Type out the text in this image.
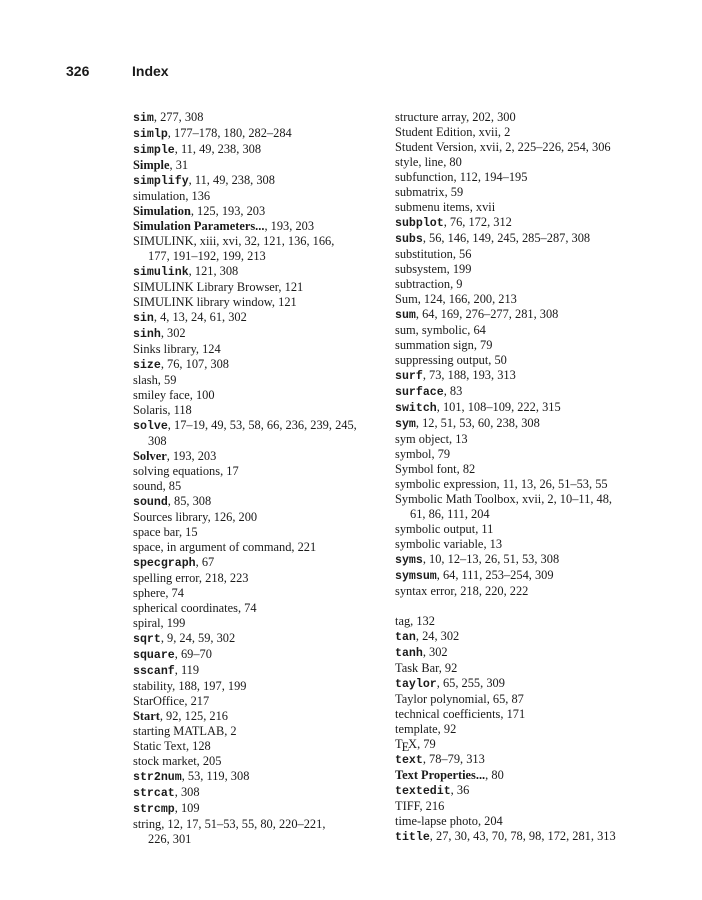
326	Index
sim, 277, 308
simlp, 177–178, 180, 282–284
simple, 11, 49, 238, 308
Simple, 31
simplify, 11, 49, 238, 308
simulation, 136
Simulation, 125, 193, 203
Simulation Parameters..., 193, 203
SIMULINK, xiii, xvi, 32, 121, 136, 166,
177, 191–192, 199, 213
simulink, 121, 308
SIMULINK Library Browser, 121
SIMULINK library window, 121
sin, 4, 13, 24, 61, 302
sinh, 302
Sinks library, 124
size, 76, 107, 308
slash, 59
smiley face, 100
Solaris, 118
solve, 17–19, 49, 53, 58, 66, 236, 239, 245,
308
Solver, 193, 203
solving equations, 17
sound, 85
sound, 85, 308
Sources library, 126, 200
space bar, 15
space, in argument of command, 221
specgraph, 67
spelling error, 218, 223
sphere, 74
spherical coordinates, 74
spiral, 199
sqrt, 9, 24, 59, 302
square, 69–70
sscanf, 119
stability, 188, 197, 199
StarOffice, 217
Start, 92, 125, 216
starting MATLAB, 2
Static Text, 128
stock market, 205
str2num, 53, 119, 308
strcat, 308
strcmp, 109
string, 12, 17, 51–53, 55, 80, 220–221,
226, 301
structure array, 202, 300
Student Edition, xvii, 2
Student Version, xvii, 2, 225–226, 254, 306
style, line, 80
subfunction, 112, 194–195
submatrix, 59
submenu items, xvii
subplot, 76, 172, 312
subs, 56, 146, 149, 245, 285–287, 308
substitution, 56
subsystem, 199
subtraction, 9
Sum, 124, 166, 200, 213
sum, 64, 169, 276–277, 281, 308
sum, symbolic, 64
summation sign, 79
suppressing output, 50
surf, 73, 188, 193, 313
surface, 83
switch, 101, 108–109, 222, 315
sym, 12, 51, 53, 60, 238, 308
sym object, 13
symbol, 79
Symbol font, 82
symbolic expression, 11, 13, 26, 51–53, 55
Symbolic Math Toolbox, xvii, 2, 10–11, 48,
61, 86, 111, 204
symbolic output, 11
symbolic variable, 13
syms, 10, 12–13, 26, 51, 53, 308
symsum, 64, 111, 253–254, 309
syntax error, 218, 220, 222
tag, 132
tan, 24, 302
tanh, 302
Task Bar, 92
taylor, 65, 255, 309
Taylor polynomial, 65, 87
technical coefficients, 171
template, 92
TEX, 79
text, 78–79, 313
Text Properties..., 80
textedit, 36
TIFF, 216
time-lapse photo, 204
title, 27, 30, 43, 70, 78, 98, 172, 281, 313
